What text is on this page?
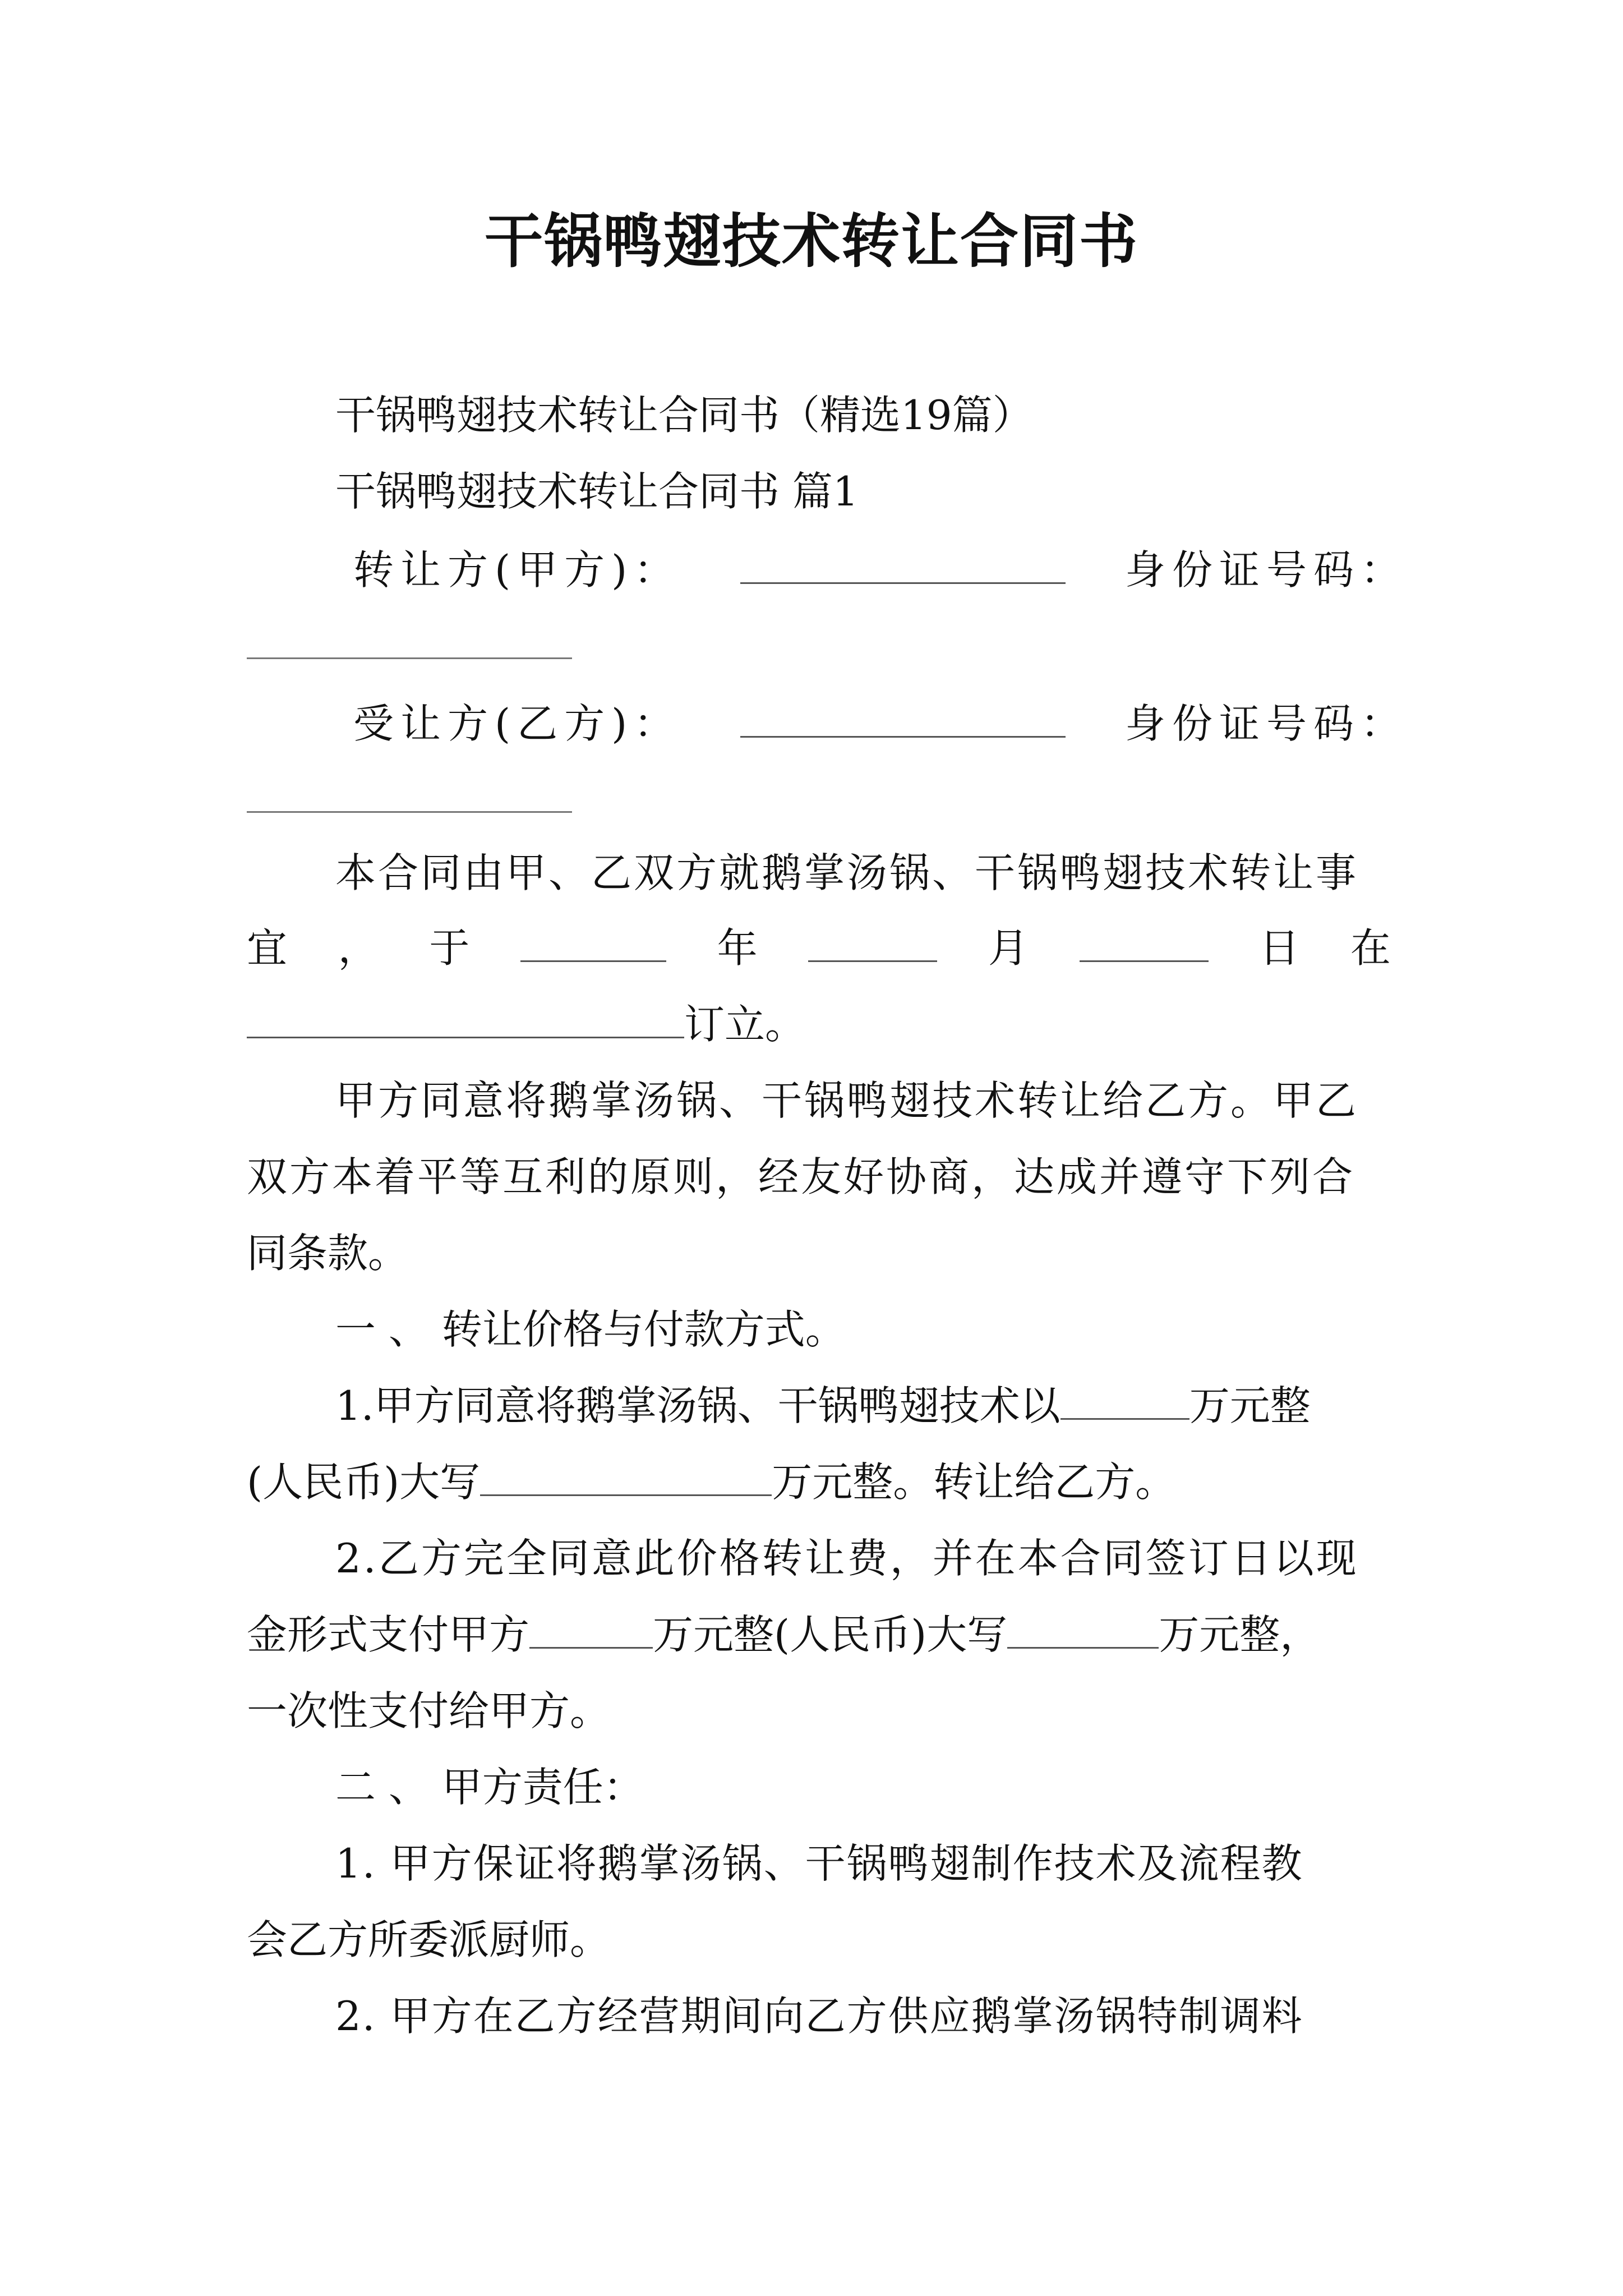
干锅鸭翅技术转让合同书
干锅鸭翅技术转让合同书（精选19篇）
干锅鸭翅技术转让合同书 篇1
转让方(甲方)：	身份证号码：
受让方(乙方)：	身份证号码：
本合同由甲、乙双方就鹅掌汤锅、干锅鸭翅技术转让事
宜 ， 于	年	月	日 在
订立。
甲方同意将鹅掌汤锅、干锅鸭翅技术转让给乙方。甲乙
双方本着平等互利的原则，经友好协商，达成并遵守下列合
同条款。
一 、 转让价格与付款方式。
1.甲方同意将鹅掌汤锅、干锅鸭翅技术以	万元整
(人民币)大写	万元整。转让给乙方。
2.乙方完全同意此价格转让费，并在本合同签订日以现
金形式支付甲方	万元整(人民币)大写	万元整，
一次性支付给甲方。
二 、 甲方责任：
1. 甲方保证将鹅掌汤锅、干锅鸭翅制作技术及流程教
会乙方所委派厨师。
2. 甲方在乙方经营期间向乙方供应鹅掌汤锅特制调料
